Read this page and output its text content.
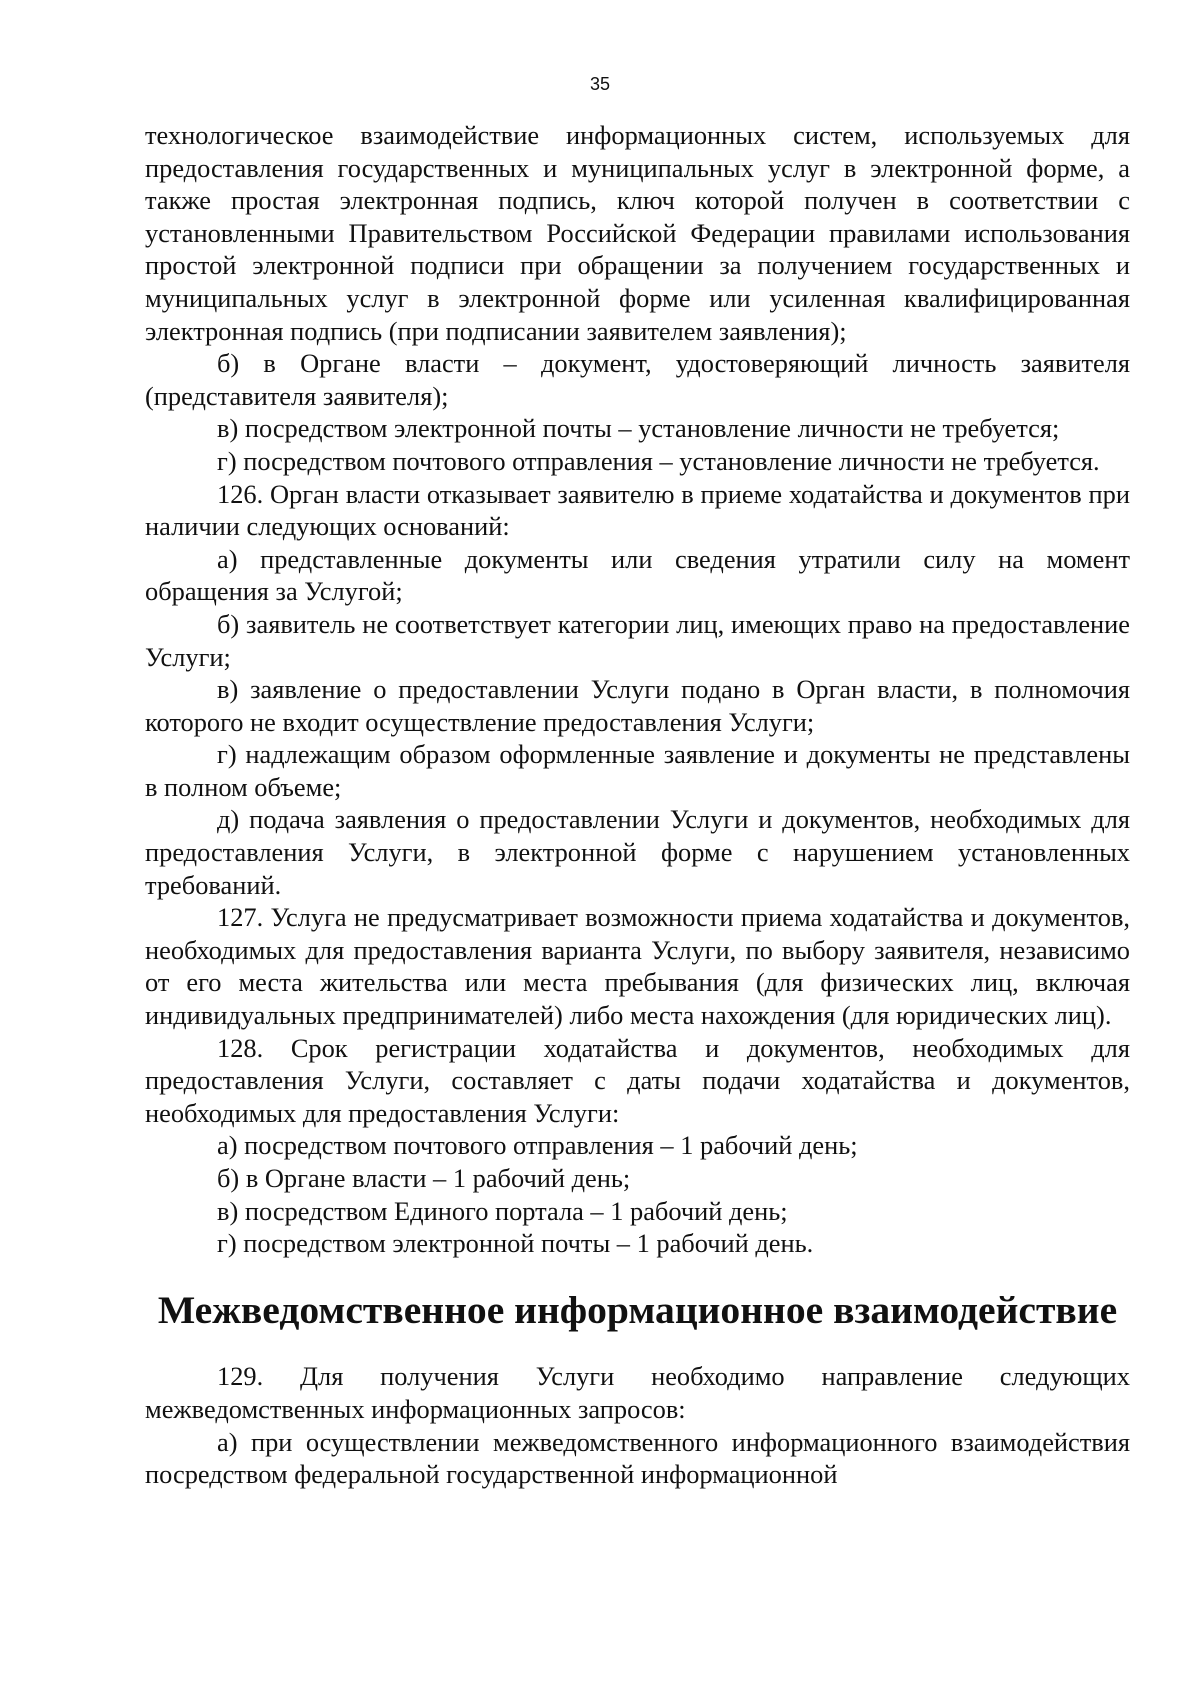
35

технологическое взаимодействие информационных систем, используемых для предоставления государственных и муниципальных услуг в электронной форме, а также простая электронная подпись, ключ которой получен в соответствии с установленными Правительством Российской Федерации правилами использования простой электронной подписи при обращении за получением государственных и муниципальных услуг в электронной форме или усиленная квалифицированная электронная подпись (при подписании заявителем заявления);

б) в Органе власти – документ, удостоверяющий личность заявителя (представителя заявителя);

в) посредством электронной почты – установление личности не требуется;

г) посредством почтового отправления – установление личности не требуется.

126. Орган власти отказывает заявителю в приеме ходатайства и документов при наличии следующих оснований:

а) представленные документы или сведения утратили силу на момент обращения за Услугой;

б) заявитель не соответствует категории лиц, имеющих право на предоставление Услуги;

в) заявление о предоставлении Услуги подано в Орган власти, в полномочия которого не входит осуществление предоставления Услуги;

г) надлежащим образом оформленные заявление и документы не представлены в полном объеме;

д) подача заявления о предоставлении Услуги и документов, необходимых для предоставления Услуги, в электронной форме с нарушением установленных требований.

127. Услуга не предусматривает возможности приема ходатайства и документов, необходимых для предоставления варианта Услуги, по выбору заявителя, независимо от его места жительства или места пребывания (для физических лиц, включая индивидуальных предпринимателей) либо места нахождения (для юридических лиц).

128. Срок регистрации ходатайства и документов, необходимых для предоставления Услуги, составляет с даты подачи ходатайства и документов, необходимых для предоставления Услуги:

а) посредством почтового отправления – 1 рабочий день;

б) в Органе власти – 1 рабочий день;

в) посредством Единого портала – 1 рабочий день;

г) посредством электронной почты – 1 рабочий день.

Межведомственное информационное взаимодействие

129. Для получения Услуги необходимо направление следующих межведомственных информационных запросов:

а) при осуществлении межведомственного информационного взаимодействия посредством федеральной государственной информационной
